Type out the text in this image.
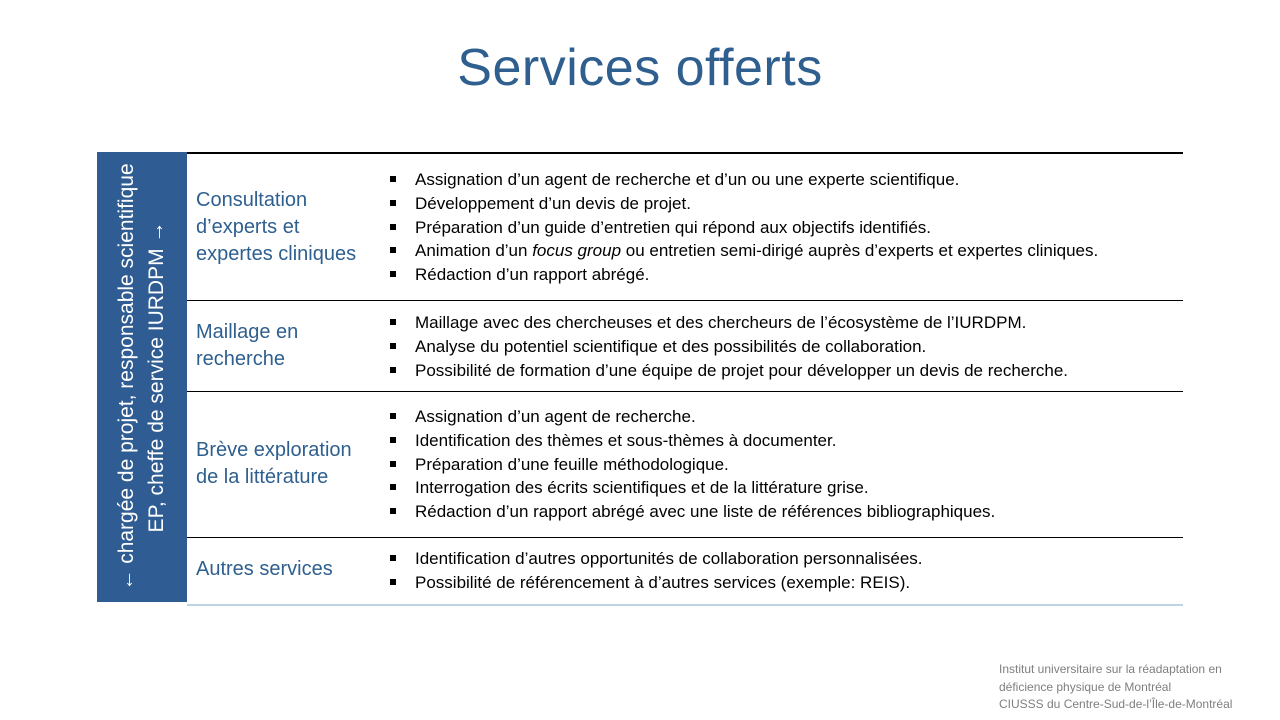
Services offerts
← chargée de projet, responsable scientifique EP, cheffe de service IURDPM →
Consultation d’experts et expertes cliniques
Assignation d’un agent de recherche et d’un ou une experte scientifique.
Développement d’un devis de projet.
Préparation d’un guide d’entretien qui répond aux objectifs identifiés.
Animation d’un focus group ou entretien semi-dirigé auprès d’experts et expertes cliniques.
Rédaction d’un rapport abrégé.
Maillage en recherche
Maillage avec des chercheuses et des chercheurs de l’écosystème de l’IURDPM.
Analyse du potentiel scientifique et des possibilités de collaboration.
Possibilité de formation d’une équipe de projet pour développer un devis de recherche.
Brève exploration de la littérature
Assignation d’un agent de recherche.
Identification des thèmes et sous-thèmes à documenter.
Préparation d’une feuille méthodologique.
Interrogation des écrits scientifiques et de la littérature grise.
Rédaction d’un rapport abrégé avec une liste de références bibliographiques.
Autres services	Identification d’autres opportunités de collaboration personnalisées.
Possibilité de référencement à d’autres services (exemple: REIS).
Institut universitaire sur la réadaptation en
déficience physique de Montréal
CIUSSS du Centre-Sud-de-l’Île-de-Montréal
